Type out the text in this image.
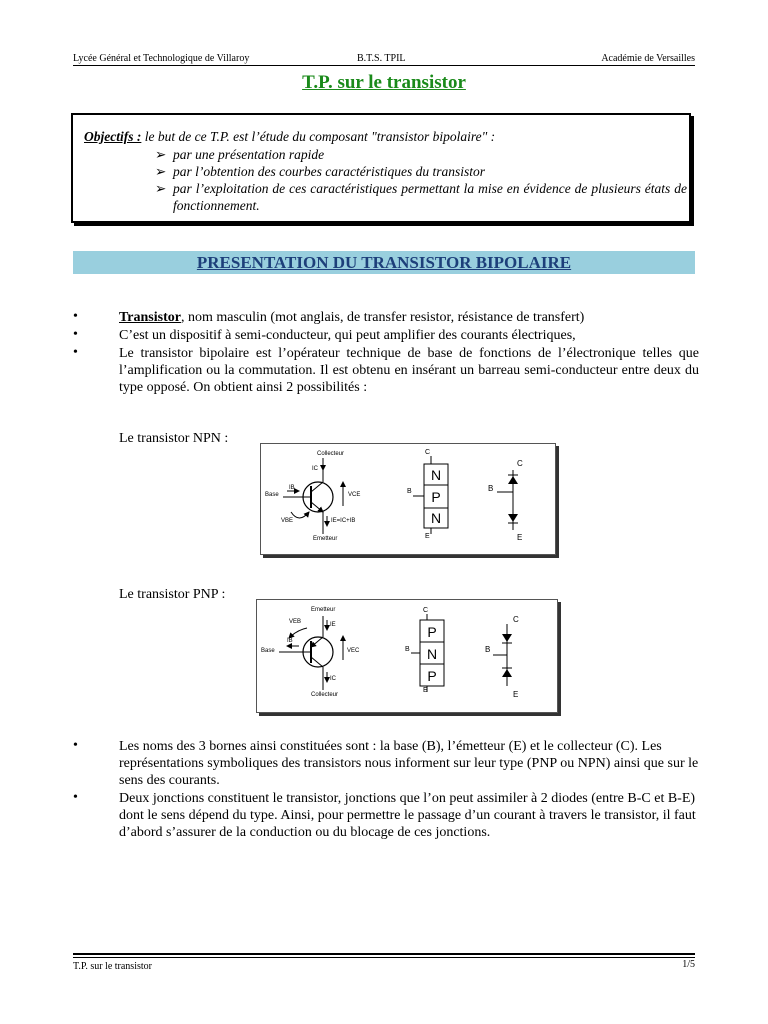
Lycée Général et Technologique de Villaroy	B.T.S. TPIL	Académie de Versailles
T.P. sur le transistor
Objectifs : le but de ce T.P. est l’étude du composant "transistor bipolaire" :
➢ par une présentation rapide
➢ par l’obtention des courbes caractéristiques du transistor
➢ par l’exploitation de ces caractéristiques permettant la mise en évidence de plusieurs états de fonctionnement.
PRESENTATION DU TRANSISTOR BIPOLAIRE
•	Transistor, nom masculin (mot anglais, de transfer resistor, résistance de transfert)
•	C’est un dispositif à semi-conducteur, qui peut amplifier des courants électriques,
•	Le transistor bipolaire est l’opérateur technique de base de fonctions de l’électronique telles que l’amplification ou la commutation. Il est obtenu en insérant un barreau semi-conducteur entre deux du type opposé. On obtient ainsi 2 possibilités :
Le transistor NPN :
Collecteur
IC
Base
IB
VCE
VBE	IE=IC+IB
Emetteur
N
P
N
C
B
E
C
B
E
Le transistor PNP :
Emetteur
VEB	IE
IB
Base	VEC
IC
Collecteur
P
N
P
C
B
E
C
B
E
•	Les noms des 3 bornes ainsi constituées sont : la base (B), l’émetteur (E) et le collecteur (C). Les représentations symboliques des transistors nous informent sur leur type (PNP ou NPN) ainsi que sur le sens des courants.
•	Deux jonctions constituent le transistor, jonctions que l’on peut assimiler à 2 diodes (entre B-C et B-E) dont le sens dépend du type. Ainsi, pour permettre le passage d’un courant à travers le transistor, il faut d’abord s’assurer de la conduction ou du blocage de ces jonctions.
T.P. sur le transistor	1/5
